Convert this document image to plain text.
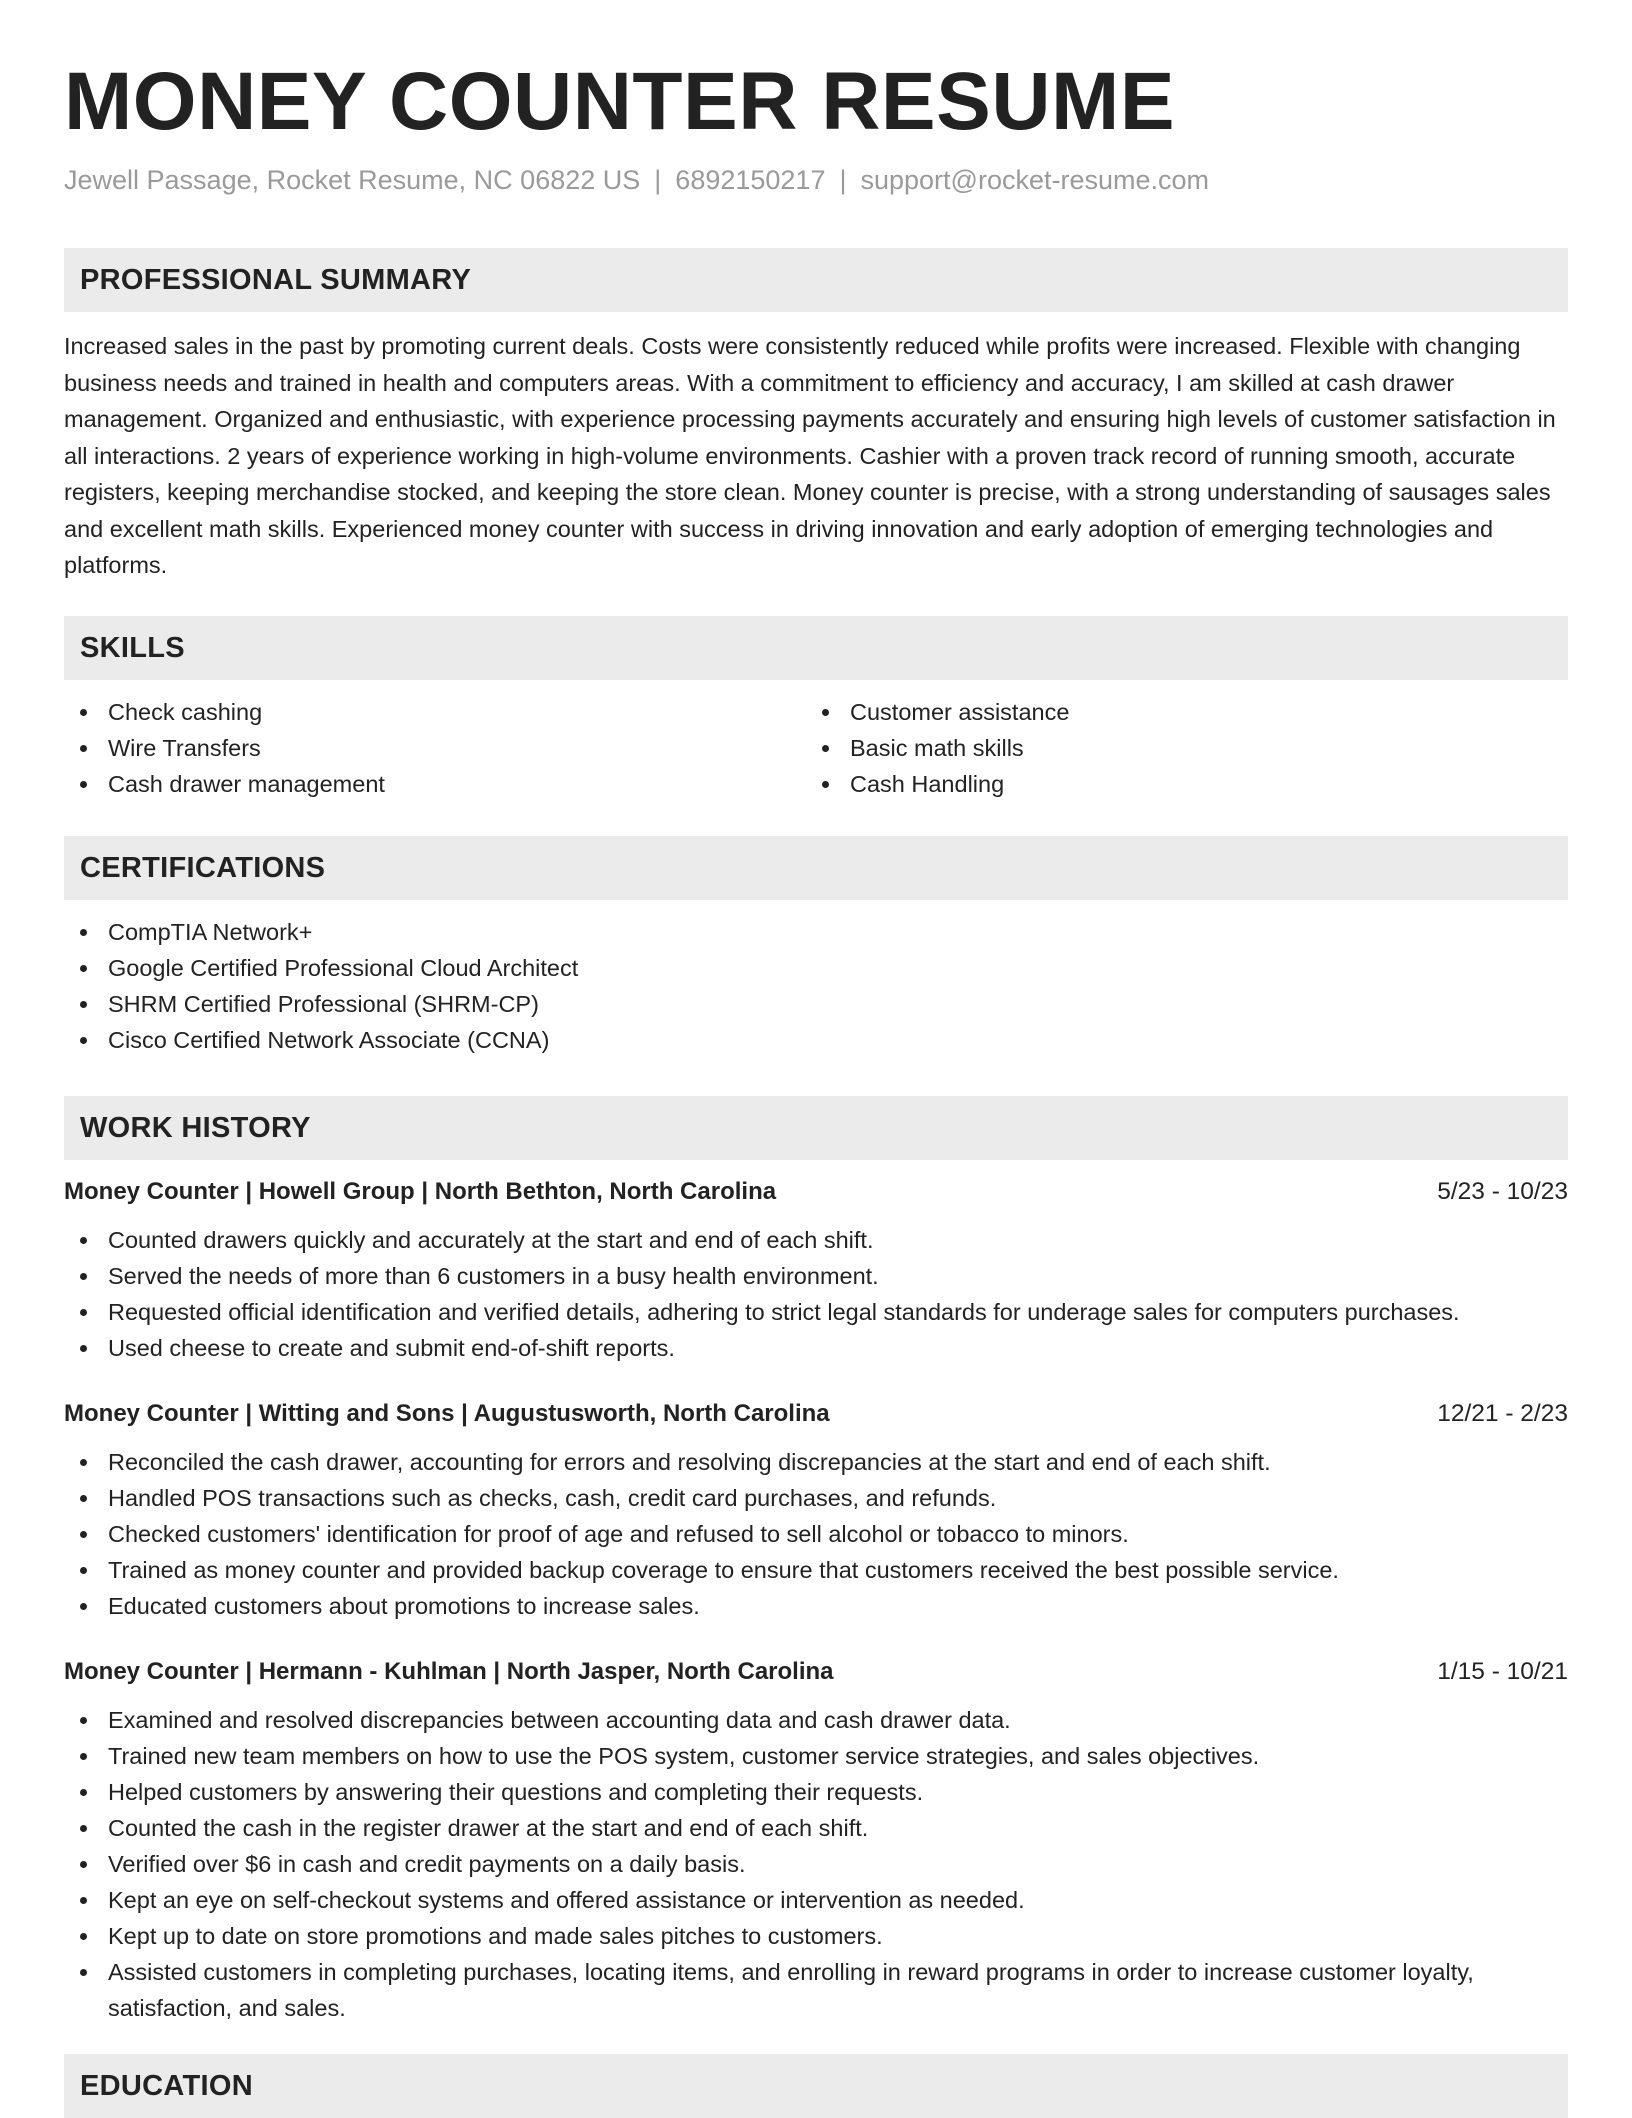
MONEY COUNTER RESUME
Jewell Passage, Rocket Resume, NC 06822 US | 6892150217 | support@rocket-resume.com
PROFESSIONAL SUMMARY

Increased sales in the past by promoting current deals. Costs were consistently reduced while profits were increased. Flexible with changing business needs and trained in health and computers areas. With a commitment to efficiency and accuracy, I am skilled at cash drawer management. Organized and enthusiastic, with experience processing payments accurately and ensuring high levels of customer satisfaction in all interactions. 2 years of experience working in high-volume environments. Cashier with a proven track record of running smooth, accurate registers, keeping merchandise stocked, and keeping the store clean. Money counter is precise, with a strong understanding of sausages sales and excellent math skills. Experienced money counter with success in driving innovation and early adoption of emerging technologies and platforms.

SKILLS
Check cashing
Wire Transfers
Cash drawer management
Customer assistance
Basic math skills
Cash Handling
CERTIFICATIONS
CompTIA Network+
Google Certified Professional Cloud Architect
SHRM Certified Professional (SHRM-CP)
Cisco Certified Network Associate (CCNA)
WORK HISTORY
Money Counter | Howell Group | North Bethton, North Carolina	5/23 - 10/23
Counted drawers quickly and accurately at the start and end of each shift.
Served the needs of more than 6 customers in a busy health environment.
Requested official identification and verified details, adhering to strict legal standards for underage sales for computers purchases.
Used cheese to create and submit end-of-shift reports.
Money Counter | Witting and Sons | Augustusworth, North Carolina	12/21 - 2/23
Reconciled the cash drawer, accounting for errors and resolving discrepancies at the start and end of each shift.
Handled POS transactions such as checks, cash, credit card purchases, and refunds.
Checked customers' identification for proof of age and refused to sell alcohol or tobacco to minors.
Trained as money counter and provided backup coverage to ensure that customers received the best possible service.
Educated customers about promotions to increase sales.
Money Counter | Hermann - Kuhlman | North Jasper, North Carolina	1/15 - 10/21
Examined and resolved discrepancies between accounting data and cash drawer data.
Trained new team members on how to use the POS system, customer service strategies, and sales objectives.
Helped customers by answering their questions and completing their requests.
Counted the cash in the register drawer at the start and end of each shift.
Verified over $6 in cash and credit payments on a daily basis.
Kept an eye on self-checkout systems and offered assistance or intervention as needed.
Kept up to date on store promotions and made sales pitches to customers.
Assisted customers in completing purchases, locating items, and enrolling in reward programs in order to increase customer loyalty, satisfaction, and sales.
EDUCATION
